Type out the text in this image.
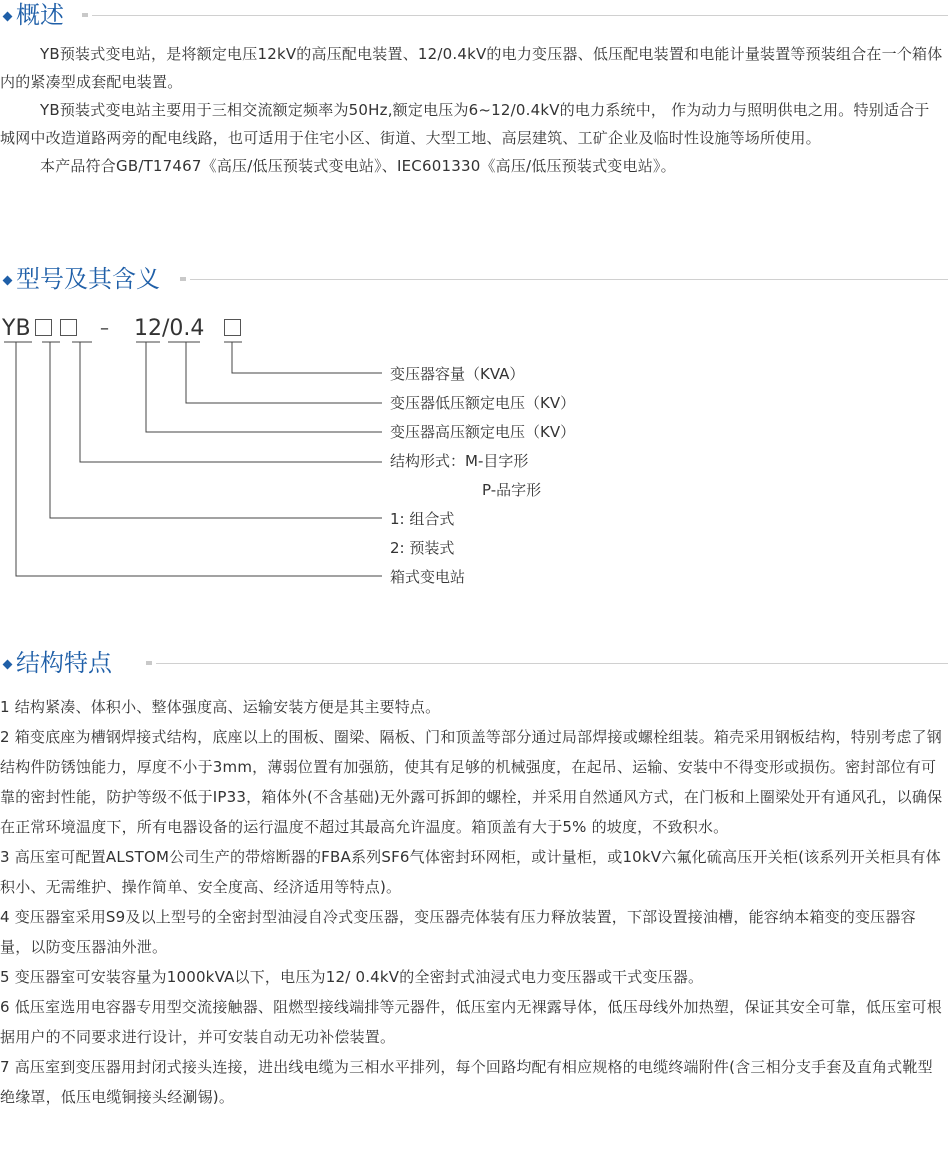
概述

YB预装式变电站，是将额定电压12kV的高压配电装置、12/0.4kV的电力变压器、低压配电装置和电能计量装置等预装组合在一个箱体内的紧凑型成套配电装置。

YB预装式变电站主要用于三相交流额定频率为50Hz,额定电压为6~12/0.4kV的电力系统中， 作为动力与照明供电之用。特别适合于城网中改造道路两旁的配电线路，也可适用于住宅小区、街道、大型工地、高层建筑、工矿企业及临时性设施等场所使用。

本产品符合GB/T17467《高压/低压预装式变电站》、IEC601330《高压/低压预装式变电站》。

型号及其含义
YB	– 12/0.4
变压器容量（KVA）
变压器低压额定电压（KV）
变压器高压额定电压（KV）
结构形式：M-目字形
P-品字形
1: 组合式
2: 预装式
箱式变电站
结构特点

1 结构紧凑、体积小、整体强度高、运输安装方便是其主要特点。

2 箱变底座为槽钢焊接式结构，底座以上的围板、圈梁、隔板、门和顶盖等部分通过局部焊接或螺栓组装。箱壳采用钢板结构，特别考虑了钢结构件防锈蚀能力，厚度不小于3mm，薄弱位置有加强筋，使其有足够的机械强度，在起吊、运输、安装中不得变形或损伤。密封部位有可靠的密封性能，防护等级不低于IP33，箱体外(不含基础)无外露可拆卸的螺栓，并采用自然通风方式，在门板和上圈梁处开有通风孔，以确保在正常环境温度下，所有电器设备的运行温度不超过其最高允许温度。箱顶盖有大于5% 的坡度，不致积水。

3 高压室可配置ALSTOM公司生产的带熔断器的FBA系列SF6气体密封环网柜，或计量柜，或10kV六氟化硫高压开关柜(该系列开关柜具有体积小、无需维护、操作简单、安全度高、经济适用等特点)。

4 变压器室采用S9及以上型号的全密封型油浸自冷式变压器，变压器壳体装有压力释放装置，下部设置接油槽，能容纳本箱变的变压器容量，以防变压器油外泄。

5 变压器室可安装容量为1000kVA以下，电压为12/ 0.4kV的全密封式油浸式电力变压器或干式变压器。

6 低压室选用电容器专用型交流接触器、阻燃型接线端排等元器件，低压室内无裸露导体，低压母线外加热塑，保证其安全可靠，低压室可根据用户的不同要求进行设计，并可安装自动无功补偿装置。

7 高压室到变压器用封闭式接头连接，进出线电缆为三相水平排列，每个回路均配有相应规格的电缆终端附件(含三相分支手套及直角式靴型绝缘罩，低压电缆铜接头经涮锡)。
